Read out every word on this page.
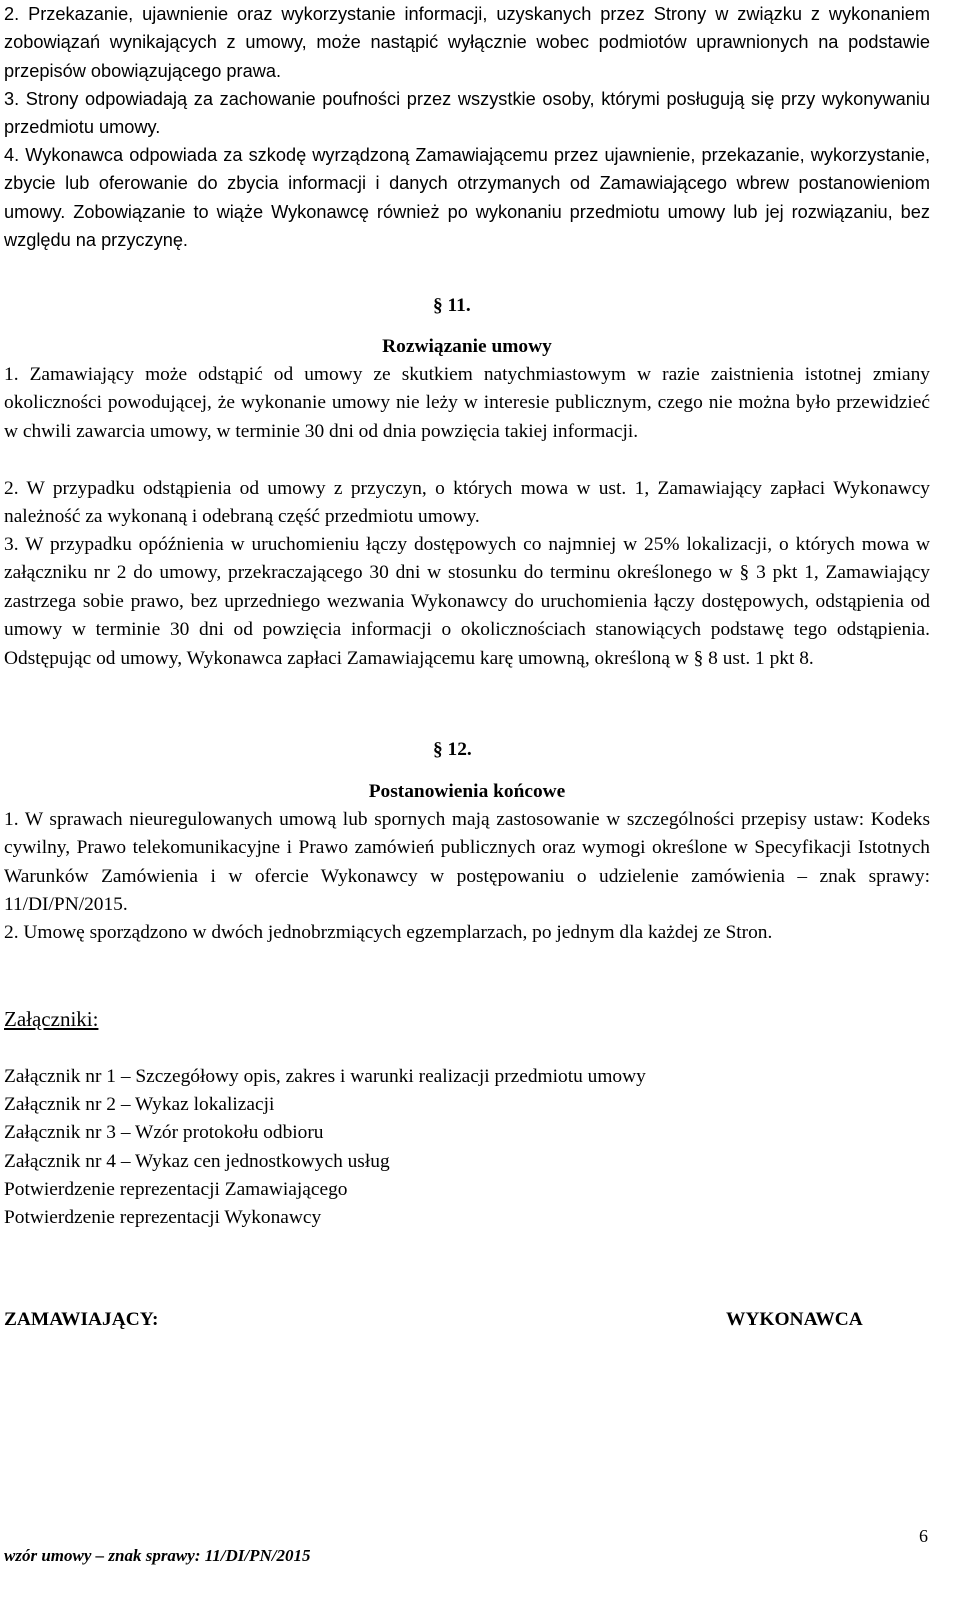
2. Przekazanie, ujawnienie oraz wykorzystanie informacji, uzyskanych przez Strony w związku z wykonaniem zobowiązań wynikających z umowy, może nastąpić wyłącznie wobec podmiotów uprawnionych na podstawie przepisów obowiązującego prawa.

3. Strony odpowiadają za zachowanie poufności przez wszystkie osoby, którymi posługują się przy wykonywaniu przedmiotu umowy.

4. Wykonawca odpowiada za szkodę wyrządzoną Zamawiającemu przez ujawnienie, przekazanie, wykorzystanie, zbycie lub oferowanie do zbycia informacji i danych otrzymanych od Zamawiającego wbrew postanowieniom umowy. Zobowiązanie to wiąże Wykonawcę również po wykonaniu przedmiotu umowy lub jej rozwiązaniu, bez względu na przyczynę.

§ 11.

Rozwiązanie umowy

1. Zamawiający może odstąpić od umowy ze skutkiem natychmiastowym w razie zaistnienia istotnej zmiany okoliczności powodującej, że wykonanie umowy nie leży w interesie publicznym, czego nie można było przewidzieć w chwili zawarcia umowy, w terminie 30 dni od dnia powzięcia takiej informacji.

2. W przypadku odstąpienia od umowy z przyczyn, o których mowa w ust. 1, Zamawiający zapłaci Wykonawcy należność za wykonaną i odebraną część przedmiotu umowy.

3. W przypadku opóźnienia w uruchomieniu łączy dostępowych co najmniej w 25% lokalizacji, o których mowa w załączniku nr 2 do umowy, przekraczającego 30 dni w stosunku do terminu określonego w § 3 pkt 1, Zamawiający zastrzega sobie prawo, bez uprzedniego wezwania Wykonawcy do uruchomienia łączy dostępowych, odstąpienia od umowy w terminie 30 dni od powzięcia informacji o okolicznościach stanowiących podstawę tego odstąpienia. Odstępując od umowy, Wykonawca zapłaci Zamawiającemu karę umowną, określoną w § 8 ust. 1 pkt 8.

§ 12.

Postanowienia końcowe

1. W sprawach nieuregulowanych umową lub spornych mają zastosowanie w szczególności przepisy ustaw: Kodeks cywilny, Prawo telekomunikacyjne i Prawo zamówień publicznych oraz wymogi określone w Specyfikacji Istotnych Warunków Zamówienia i w ofercie Wykonawcy w postępowaniu o udzielenie zamówienia – znak sprawy: 11/DI/PN/2015.

2. Umowę sporządzono w dwóch jednobrzmiących egzemplarzach, po jednym dla każdej ze Stron.

Załączniki:

Załącznik nr 1 – Szczegółowy opis, zakres i warunki realizacji przedmiotu umowy

Załącznik nr 2 – Wykaz lokalizacji

Załącznik nr 3 – Wzór protokołu odbioru

Załącznik nr 4 – Wykaz cen jednostkowych usług

Potwierdzenie reprezentacji Zamawiającego

Potwierdzenie reprezentacji Wykonawcy

ZAMAWIAJĄCY:	WYKONAWCA
6
wzór umowy – znak sprawy: 11/DI/PN/2015
